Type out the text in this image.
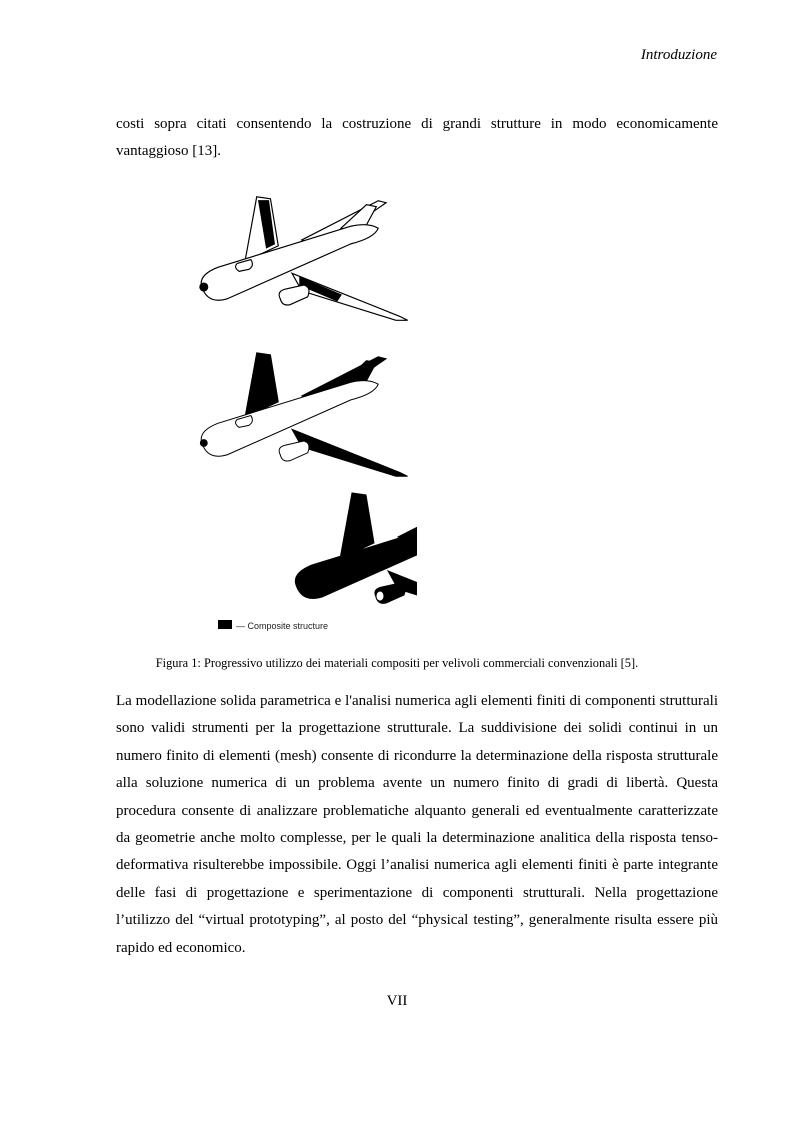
Introduzione

costi sopra citati consentendo la costruzione di grandi strutture in modo economicamente vantaggioso [13].

— Composite structure
Figura 1: Progressivo utilizzo dei materiali compositi per velivoli commerciali convenzionali [5].

La modellazione solida parametrica e l'analisi numerica agli elementi finiti di componenti strutturali sono validi strumenti per la progettazione strutturale. La suddivisione dei solidi continui in un numero finito di elementi (mesh) consente di ricondurre la determinazione della risposta strutturale alla soluzione numerica di un problema avente un numero finito di gradi di libertà. Questa procedura consente di analizzare problematiche alquanto generali ed eventualmente caratterizzate da geometrie anche molto complesse, per le quali la determinazione analitica della risposta tenso-deformativa risulterebbe impossibile. Oggi l’analisi numerica agli elementi finiti è parte integrante delle fasi di progettazione e sperimentazione di componenti strutturali. Nella progettazione l’utilizzo del “virtual prototyping”, al posto del “physical testing”, generalmente risulta essere più rapido ed economico.

VII
